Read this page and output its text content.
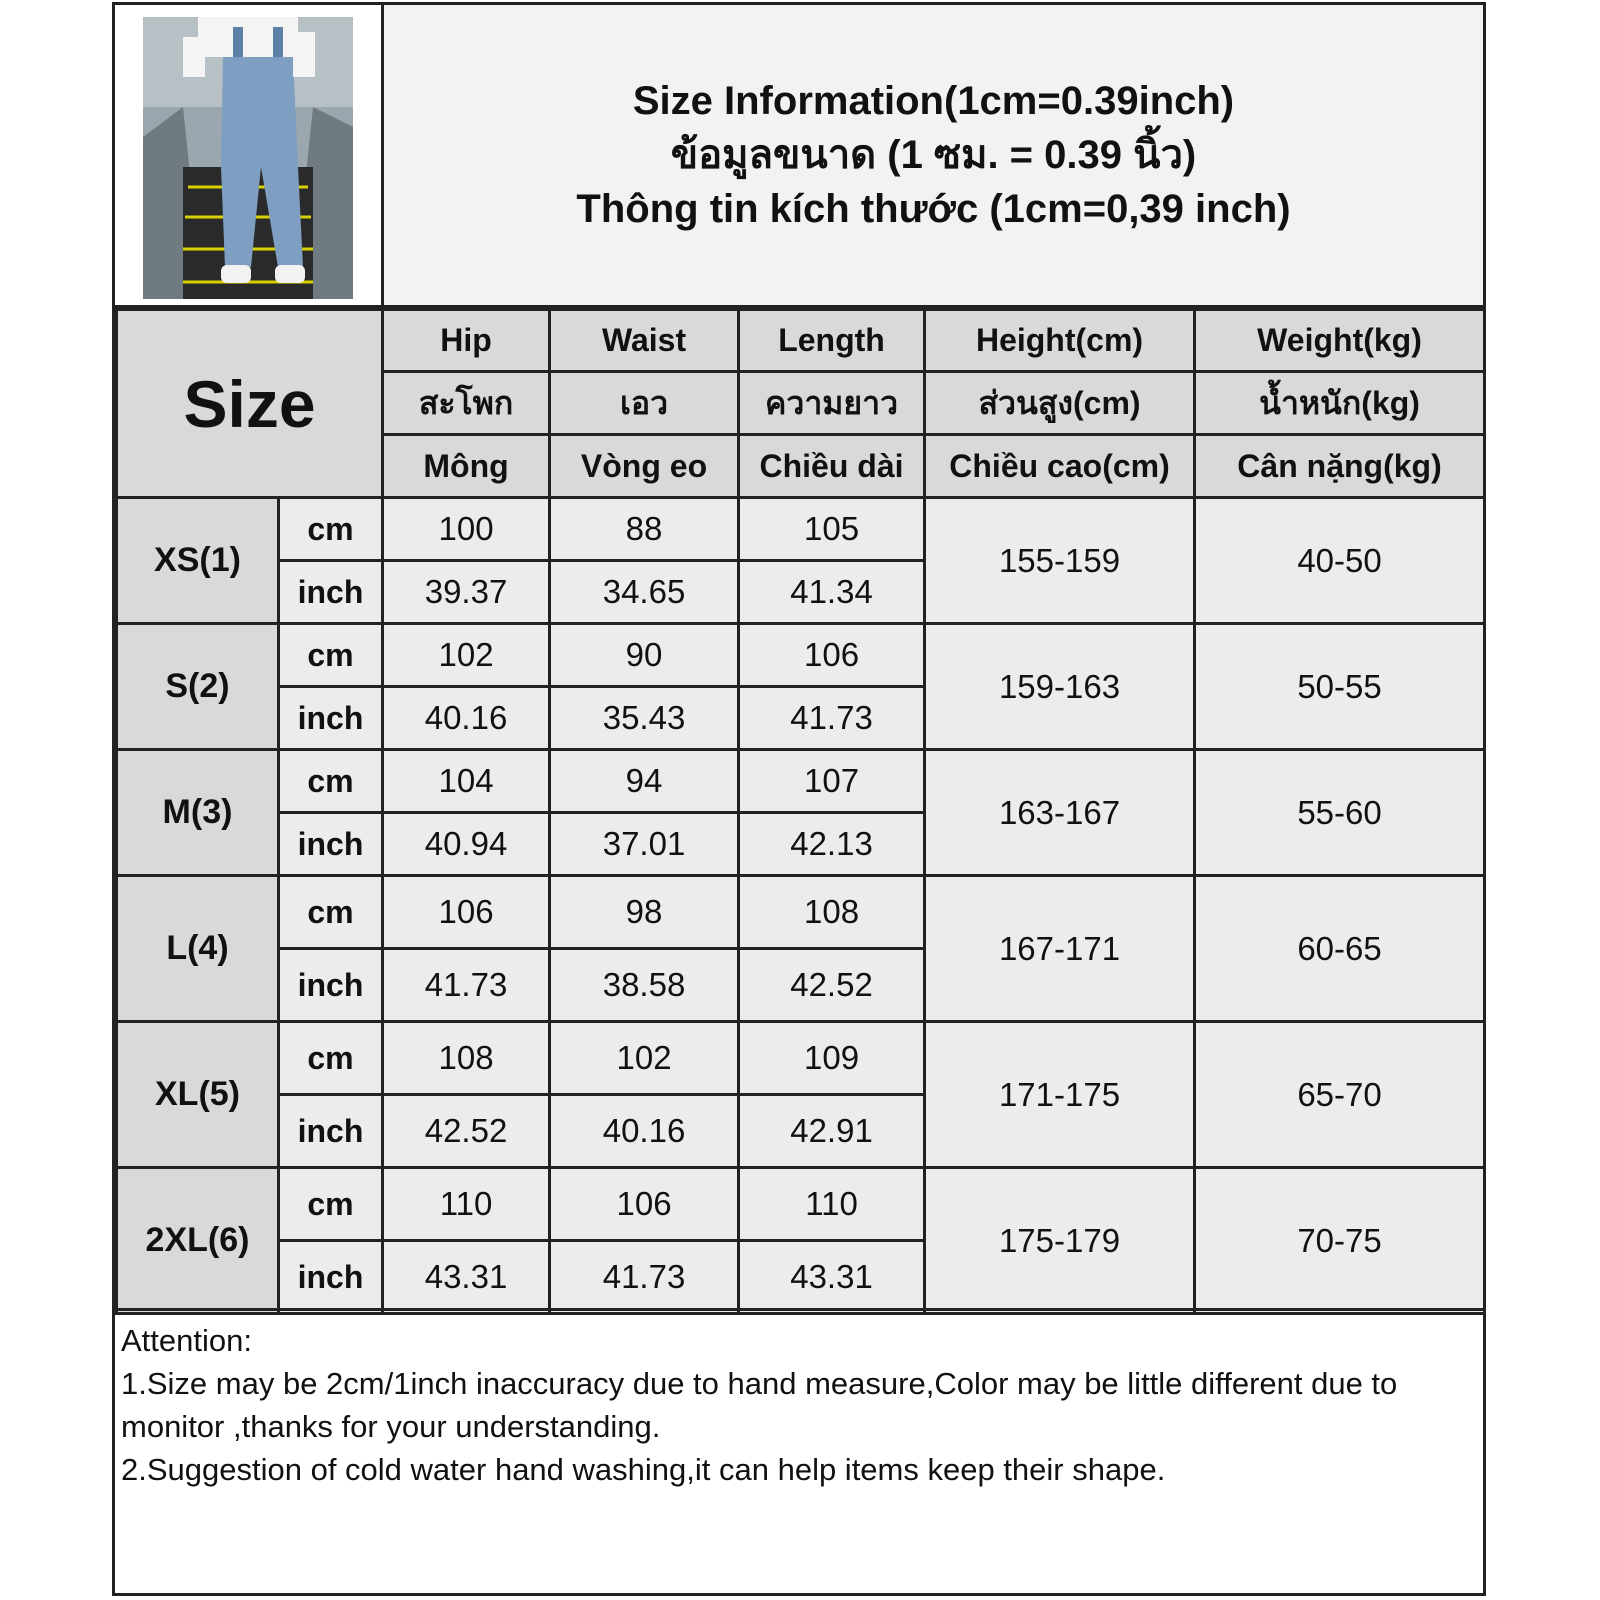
Size Information(1cm=0.39inch)
ข้อมูลขนาด (1 ซม. = 0.39 นิ้ว)
Thông tin kích thước (1cm=0,39 inch)
Size		Hip	Waist	Length	Height(cm)	Weight(kg)
		สะโพก	เอว	ความยาว	ส่วนสูง(cm)	น้ำหนัก(kg)
		Mông	Vòng eo	Chiều dài	Chiều cao(cm)	Cân nặng(kg)
XS(1)	cm	100	88	105	155-159	40-50
	inch	39.37	34.65	41.34		
S(2)	cm	102	90	106	159-163	50-55
	inch	40.16	35.43	41.73		
M(3)	cm	104	94	107	163-167	55-60
	inch	40.94	37.01	42.13		
L(4)	cm	106	98	108	167-171	60-65
	inch	41.73	38.58	42.52		
XL(5)	cm	108	102	109	171-175	65-70
	inch	42.52	40.16	42.91		
2XL(6)	cm	110	106	110	175-179	70-75
	inch	43.31	41.73	43.31		
Attention:
1.Size may be 2cm/1inch inaccuracy due to hand measure,Color may be little different due to monitor ,thanks for your understanding.
2.Suggestion of cold water hand washing,it can help items keep their shape.
